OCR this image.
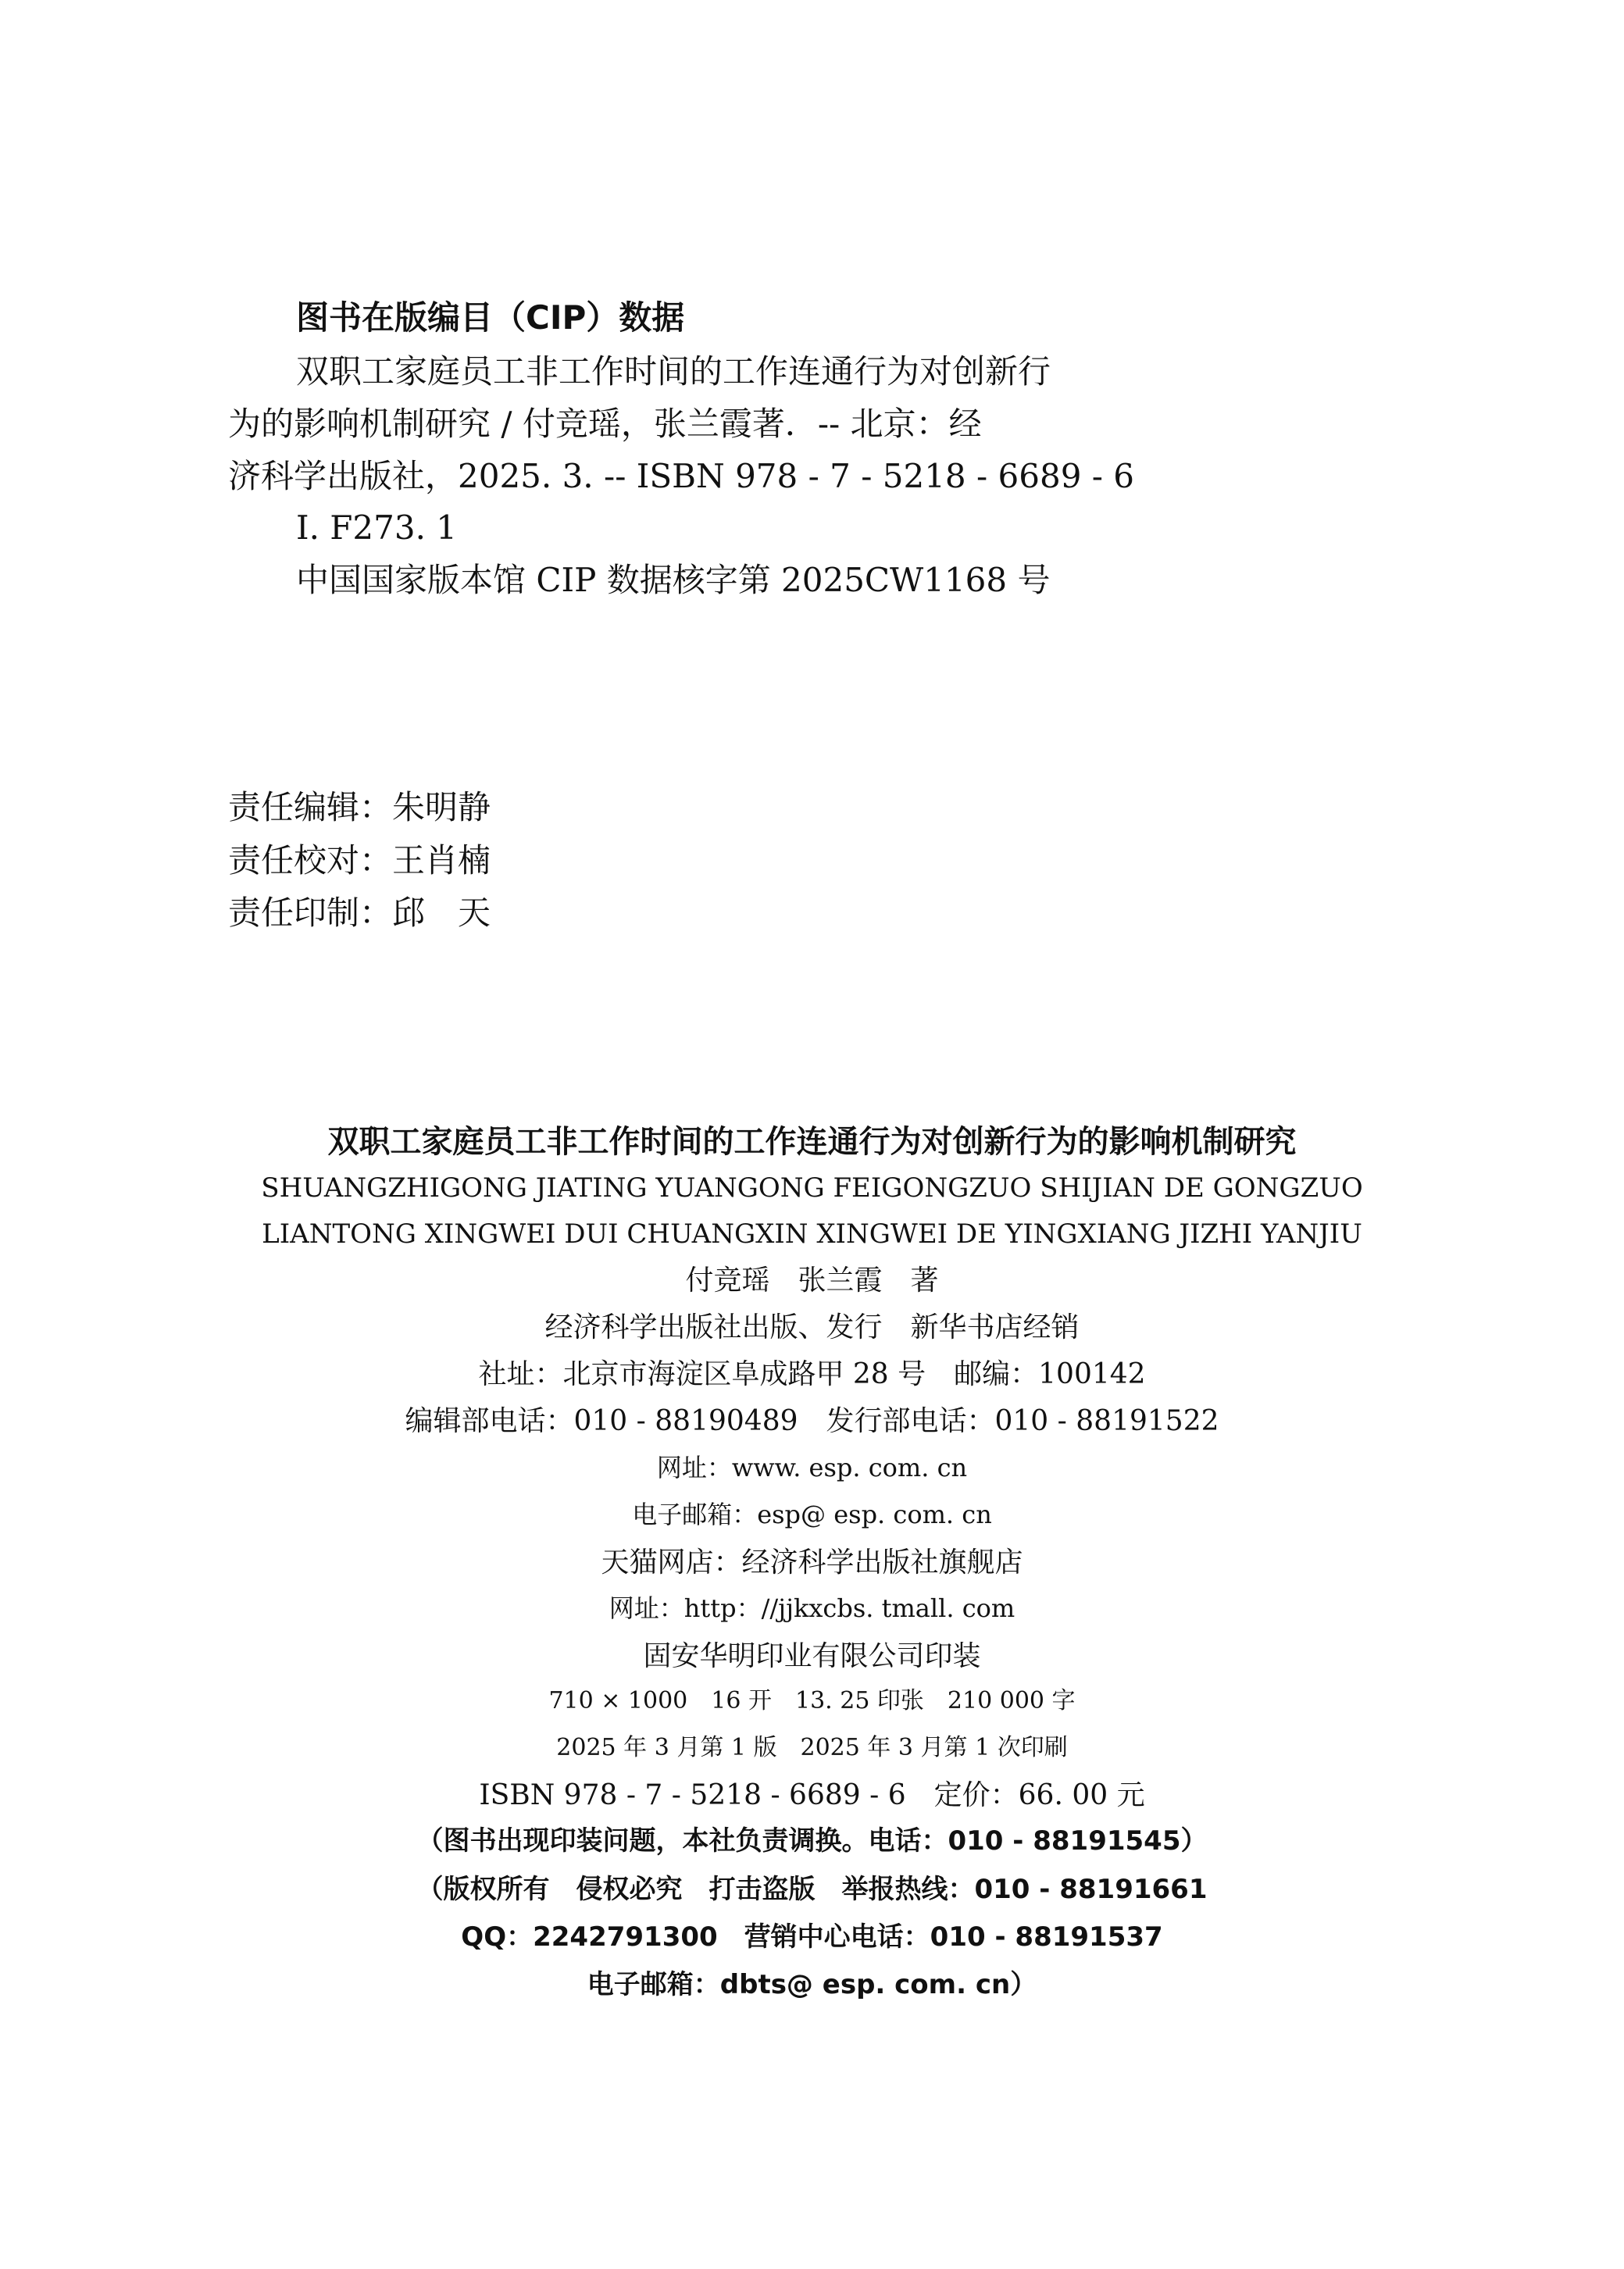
图书在版编目（CIP）数据
双职工家庭员工非工作时间的工作连通行为对创新行
为的影响机制研究 / 付竞瑶，张兰霞著．-- 北京：经
济科学出版社，2025. 3. -- ISBN 978 - 7 - 5218 - 6689 - 6
Ⅰ. F273. 1
中国国家版本馆 CIP 数据核字第 2025CW1168 号
责任编辑：朱明静
责任校对：王肖楠
责任印制：邱　天
双职工家庭员工非工作时间的工作连通行为对创新行为的影响机制研究
SHUANGZHIGONG JIATING YUANGONG FEIGONGZUO SHIJIAN DE GONGZUO
LIANTONG XINGWEI DUI CHUANGXIN XINGWEI DE YINGXIANG JIZHI YANJIU
付竞瑶　张兰霞　著
经济科学出版社出版、发行　新华书店经销
社址：北京市海淀区阜成路甲 28 号　邮编：100142
编辑部电话：010 - 88190489　发行部电话：010 - 88191522
网址：www. esp. com. cn
电子邮箱：esp@ esp. com. cn
天猫网店：经济科学出版社旗舰店
网址：http：//jjkxcbs. tmall. com
固安华明印业有限公司印装
710 × 1000　16 开　13. 25 印张　210 000 字
2025 年 3 月第 1 版　2025 年 3 月第 1 次印刷
ISBN 978 - 7 - 5218 - 6689 - 6　定价：66. 00 元
（图书出现印装问题，本社负责调换。电话：010 - 88191545）
（版权所有　侵权必究　打击盗版　举报热线：010 - 88191661
QQ：2242791300　营销中心电话：010 - 88191537
电子邮箱：dbts@ esp. com. cn）
